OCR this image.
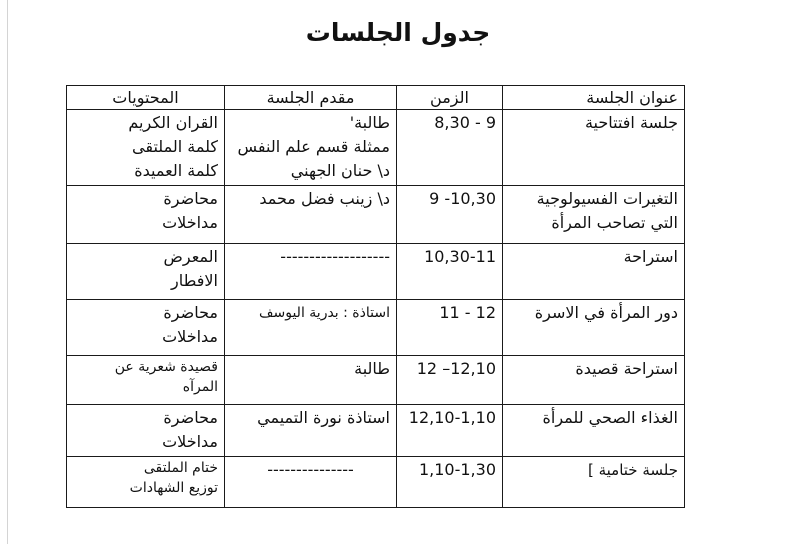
جدول الجلسات
عنوان الجلسة	الزمن	مقدم الجلسة	المحتويات

جلسة افتتاحية	8,30 - 9	طالبة'
ممثلة قسم علم النفس
د\ حنان الجهني	القران الكريم
كلمة الملتقى
كلمة العميدة

التغيرات الفسيولوجية
التي تصاحب المرأة	9 -10,30	د\ زينب فضل محمد	محاضرة
مداخلات

استراحة	10,30-11	-------------------	المعرض
الافطار

دور المرأة في الاسرة	11 - 12	استاذة : بدرية اليوسف	محاضرة
مداخلات

استراحة قصيدة	12 –12,10	طالبة	قصيدة شعرية عن
المرآه

الغذاء الصحي للمرأة	12,10-1,10	استاذة نورة التميمي	محاضرة
مداخلات

جلسة ختامية ]	1,10-1,30	---------------	ختام الملتقى
توزيع الشهادات
